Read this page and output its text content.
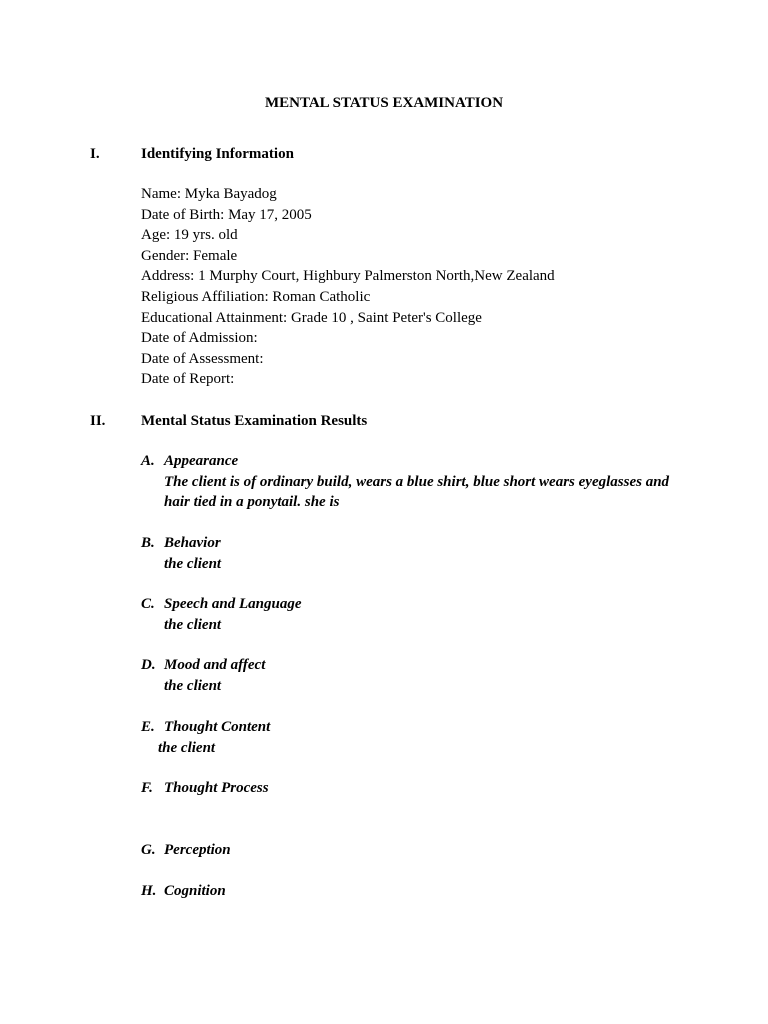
MENTAL STATUS EXAMINATION
I.	Identifying Information
Name: Myka Bayadog
Date of Birth: May 17, 2005
Age: 19 yrs. old
Gender: Female
Address: 1 Murphy Court, Highbury Palmerston North,New Zealand
Religious Affiliation: Roman Catholic
Educational Attainment: Grade 10 , Saint Peter's College
Date of Admission:
Date of Assessment:
Date of Report:
II.	Mental Status Examination Results
A. Appearance
The client is of ordinary build, wears a blue shirt, blue short wears eyeglasses and hair tied in a ponytail. she is
B. Behavior
the client
C. Speech and Language
the client
D. Mood and affect
the client
E. Thought Content
the client
F. Thought Process
G. Perception
H. Cognition
